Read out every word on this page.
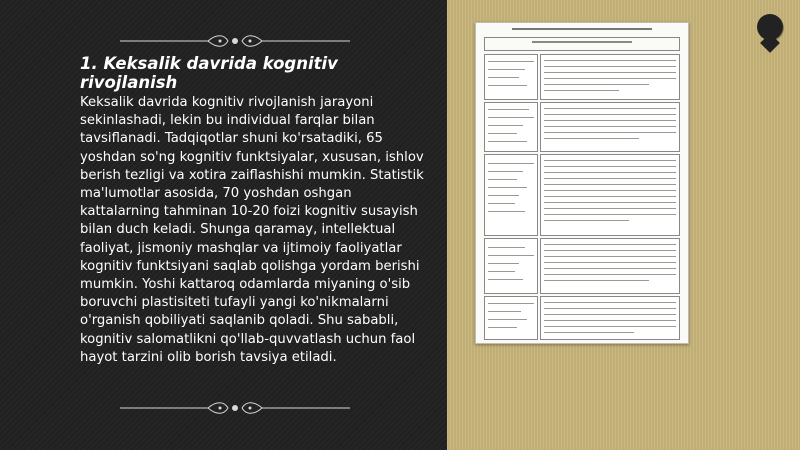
1. Keksalik davrida kognitiv rivojlanish

Keksalik davrida kognitiv rivojlanish jarayoni sekinlashadi, lekin bu individual farqlar bilan tavsiflanadi. Tadqiqotlar shuni ko'rsatadiki, 65 yoshdan so'ng kognitiv funktsiyalar, xususan, ishlov berish tezligi va xotira zaiflashishi mumkin. Statistik ma'lumotlar asosida, 70 yoshdan oshgan kattalarning tahminan 10-20 foizi kognitiv susayish bilan duch keladi. Shunga qaramay, intellektual faoliyat, jismoniy mashqlar va ijtimoiy faoliyatlar kognitiv funktsiyani saqlab qolishga yordam berishi mumkin. Yoshi kattaroq odamlarda miyaning o'sib boruvchi plastisiteti tufayli yangi ko'nikmalarni o'rganish qobiliyati saqlanib qoladi. Shu sababli, kognitiv salomatlikni qo'llab-quvvatlash uchun faol hayot tarzini olib borish tavsiya etiladi.
